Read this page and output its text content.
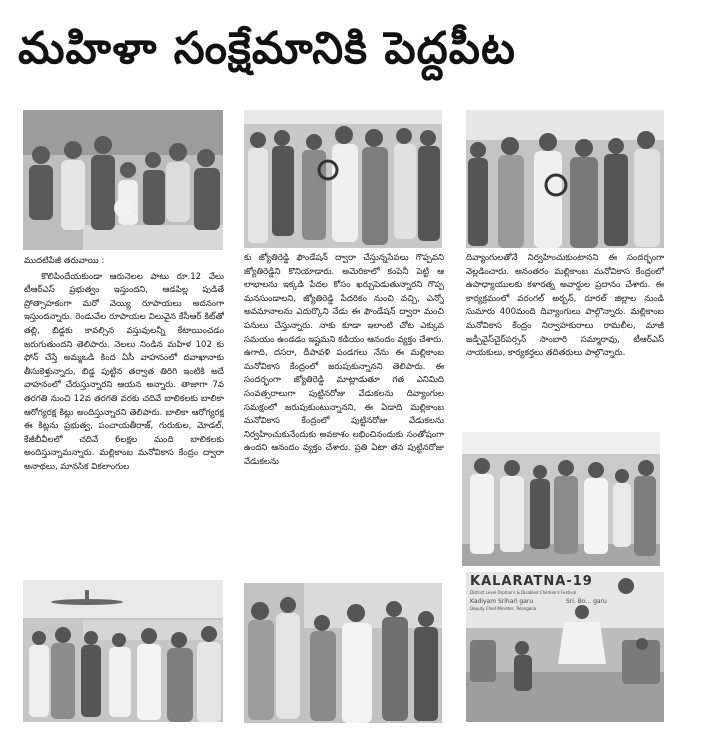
మహిళా సంక్షేమానికి పెద్దపీట

ముదటిపేజీ తరువాయి :

కొలిపిందేయకుండా ఆరునెలల పాటు రూ.12 వేలు టీఆర్ఎస్ ప్రభుత్వం ఇస్తుందని, ఆడపిల్ల పుడితే ప్రోత్సాహకంగా మరో వెయ్యి రూపాయలు అదనంగా ఇస్తుందన్నారు. రెండువేల రూపాయల విలువైన కేసీఆర్ కిట్‌తో తల్లి, బిడ్డకు కావల్సిన వస్తువులన్నీ కేటాయించడం జరుగుతుందని తెలిపారు. నెలలు నిండిన మహిళ 102 కు ఫోన్ చేస్తే అమ్మఒడి కింద ఏసీ వాహనంలో దవాఖానాకు తీసుకెళ్తున్నారు, బిడ్డ పుట్టిన తర్వాత తిరిగి ఇంటికి అదే వాహనంలో చేరుస్తున్నారని ఆయన అన్నారు. తాజాగా 7వ తరగతి నుంచి 12వ తరగతి వరకు చదివే బాలికలకు బాలికా ఆరోగ్యరక్ష కిట్లు అందిస్తున్నారని తెలిపారు. బాలికా ఆరోగ్యరక్ష ఈ కిట్లను ప్రభుత్వ, పంచాయతీరాజ్, గురుకుల, మోడల్, కేజీబీవీలలో చదివే 6లక్షల మంది బాలికలకు అందిస్తున్నామన్నారు. మల్లికాంబ మనోవికాస కేంద్రం ద్వారా అనాథలు, మానసిక వికలాంగుల

కు జ్యోతిరెడ్డి ఫౌండేషన్ ద్వారా చేస్తున్నసేవలు గొప్పవని జ్యోతిరెడ్డిని కొనియాడారు. అమెరికాలో కంపెనీ పెట్టి ఆ లాభాలను ఇక్కడి పేదల కోసం ఖర్చుపెడుతున్నారని గొప్ప మనసుండాలని, జ్యోతిరెడ్డి పేదరికం నుంచి వచ్చి, ఎన్నో అవమానాలను ఎదుర్కొని నేడు ఈ ఫౌండేషన్ ద్వారా మంచి పనులు చేస్తున్నారు. నాకు కూడా ఇలాంటి చోట ఎక్కువ సమయం ఉండడం ఇష్టమని కడియం ఆనందం వ్యక్తం చేశారు. ఉగాది, దసరా, దీపావళి పండగలు నేను ఈ మల్లికాంబ మనోవికాస కేంద్రంలో జరుపుకున్నానని తెలిపారు. ఈ సందర్భంగా జ్యోతిరెడ్డి మాట్లాడుతూ గత ఎనిమిది సంవత్సరాలుగా పుట్టినరోజు వేడుకలను దివ్యాంగుల సమక్షంలో జరుపుకుంటున్నానని, ఈ ఏడాది మల్లికాంబ మనోవికాస కేంద్రంలో పుట్టినరోజు వేడుకలను నిర్వహించుకునేందుకు అవకాశం లభించినందుకు సంతోషంగా ఉందని ఆనందం వ్యక్తం చేశారు. ప్రతి ఏటా తన పుట్టినరోజు వేడుకలను

దివ్యాంగులతోనే నిర్వహించుకుంటానని ఈ సందర్భంగా వెల్లడించారు. అనంతరం మల్లికాంబ మనోవికాస కేంద్రంలో ఉపాధ్యాయులకు కళారత్న అవార్డుల ప్రదానం చేశారు. ఈ కార్యక్రమంలో వరంగల్ అర్బన్, రూరల్ జిల్లాల నుండి సుమారు 400మంది దివ్యాంగులు పాల్గొన్నారు. మల్లికాంబ మనోవికాస కేంద్రం నిర్వాహకురాలు రామలీల, మాజీ జడ్పీవైస్‌చైర్‌పర్సన్ సాంబారి సమ్మారావు, టీఆర్ఎస్ నాయకులు, కార్యకర్తలు తదితరులు పాల్గొన్నారు.

KALARATNA-19
District Level Orphan's & Disabled Children's Festival
Kadiyam Srihari garu
Deputy Chief Minister, Telangana
Sri. Bo... garu
